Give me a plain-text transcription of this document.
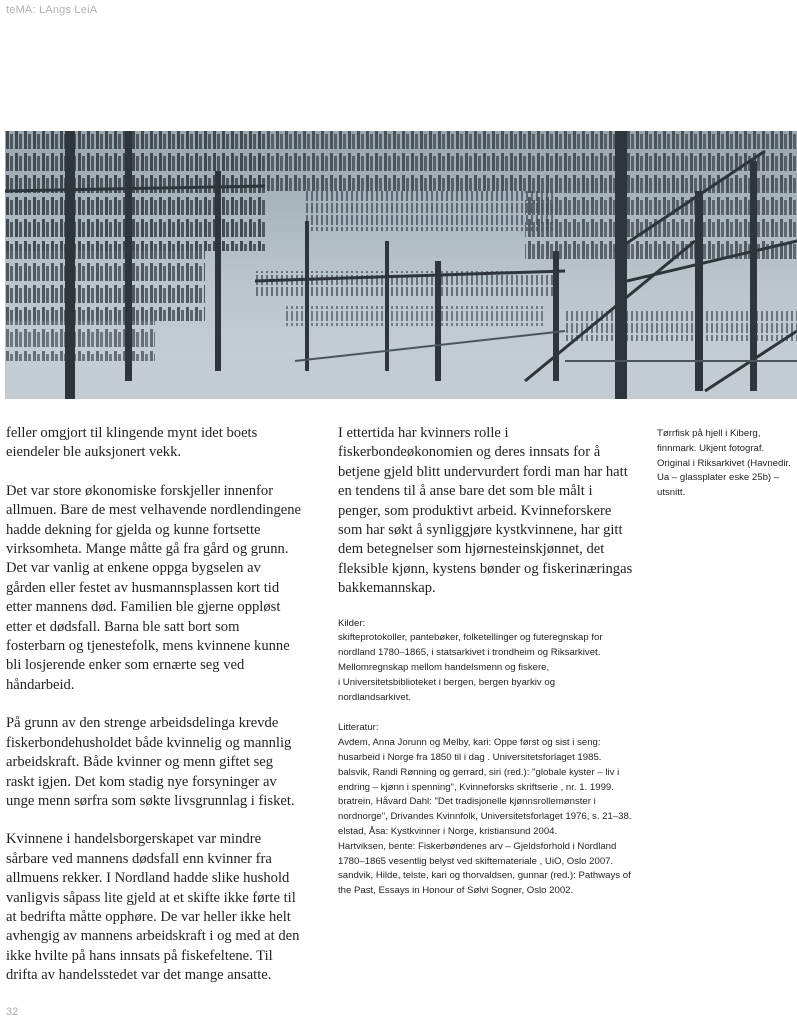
teMA: LAngs LeiA

feller omgjort til klingende mynt idet boets eiendeler ble auksjonert vekk.

Det var store økonomiske forskjeller innenfor allmuen. Bare de mest velhavende nordlendingene hadde dekning for gjelda og kunne fortsette virksomheta. Mange måtte gå fra gård og grunn. Det var vanlig at enkene oppga bygselen av gården eller festet av husmannsplassen kort tid etter mannens død. Familien ble gjerne oppløst etter et dødsfall. Barna ble satt bort som fosterbarn og tjenestefolk, mens kvinnene kunne bli losjerende enker som ernærte seg ved håndarbeid.

På grunn av den strenge arbeidsdelinga krevde fiskerbondehusholdet både kvinnelig og mannlig arbeidskraft. Både kvinner og menn giftet seg raskt igjen. Det kom stadig nye forsyninger av unge menn sørfra som søkte livsgrunnlag i fisket.

Kvinnene i handelsborgerskapet var mindre sårbare ved mannens dødsfall enn kvinner fra allmuens rekker. I Nordland hadde slike hushold vanligvis såpass lite gjeld at et skifte ikke førte til at bedrifta måtte opphøre. De var heller ikke helt avhengig av mannens arbeidskraft i og med at den ikke hvilte på hans innsats på fiskefeltene. Til drifta av handelsstedet var det mange ansatte.

I ettertida har kvinners rolle i fiskerbondeøkonomien og deres innsats for å betjene gjeld blitt undervurdert fordi man har hatt en tendens til å anse bare det som ble målt i penger, som produktivt arbeid. Kvinneforskere som har søkt å synliggjøre kystkvinnene, har gitt dem betegnelser som hjørnesteinskjønnet, det fleksible kjønn, kystens bønder og fiskerinæringas bakkemannskap.

Kilder:

skifteprotokoller, pantebøker, folketellinger og futeregnskap for

nordland 1780–1865, i statsarkivet i trondheim og Riksarkivet.

Mellomregnskap mellom handelsmenn og fiskere,

i Universitetsbiblioteket i bergen, bergen byarkiv og

nordlandsarkivet.

Litteratur:

Avdem, Anna Jorunn og Melby, kari: Oppe først og sist i seng: husarbeid i Norge fra 1850 til i dag . Universitetsforlaget 1985.

balsvik, Randi Rønning og gerrard, siri (red.): "globale kyster – liv i endring – kjønn i spenning", Kvinneforsks skriftserie , nr. 1. 1999.

bratrein, Håvard Dahl: "Det tradisjonelle kjønnsrollemønster i nordnorge", Drivandes Kvinnfolk, Universitetsforlaget 1976, s. 21–38.

elstad, Åsa: Kystkvinner i Norge, kristiansund 2004.

Hartviksen, bente: Fiskerbøndenes arv – Gjeldsforhold i Nordland 1780–1865 vesentlig belyst ved skiftemateriale , UiO, Oslo 2007.

sandvik, Hilde, telste, kari og thorvaldsen, gunnar (red.): Pathways of the Past, Essays in Honour of Sølvi Sogner, Oslo 2002.

Tørrfisk på hjell i Kiberg, finnmark. Ukjent fotograf. Original i Riksarkivet (Havnedir. Ua – glassplater eske 25b) – utsnitt.
32
